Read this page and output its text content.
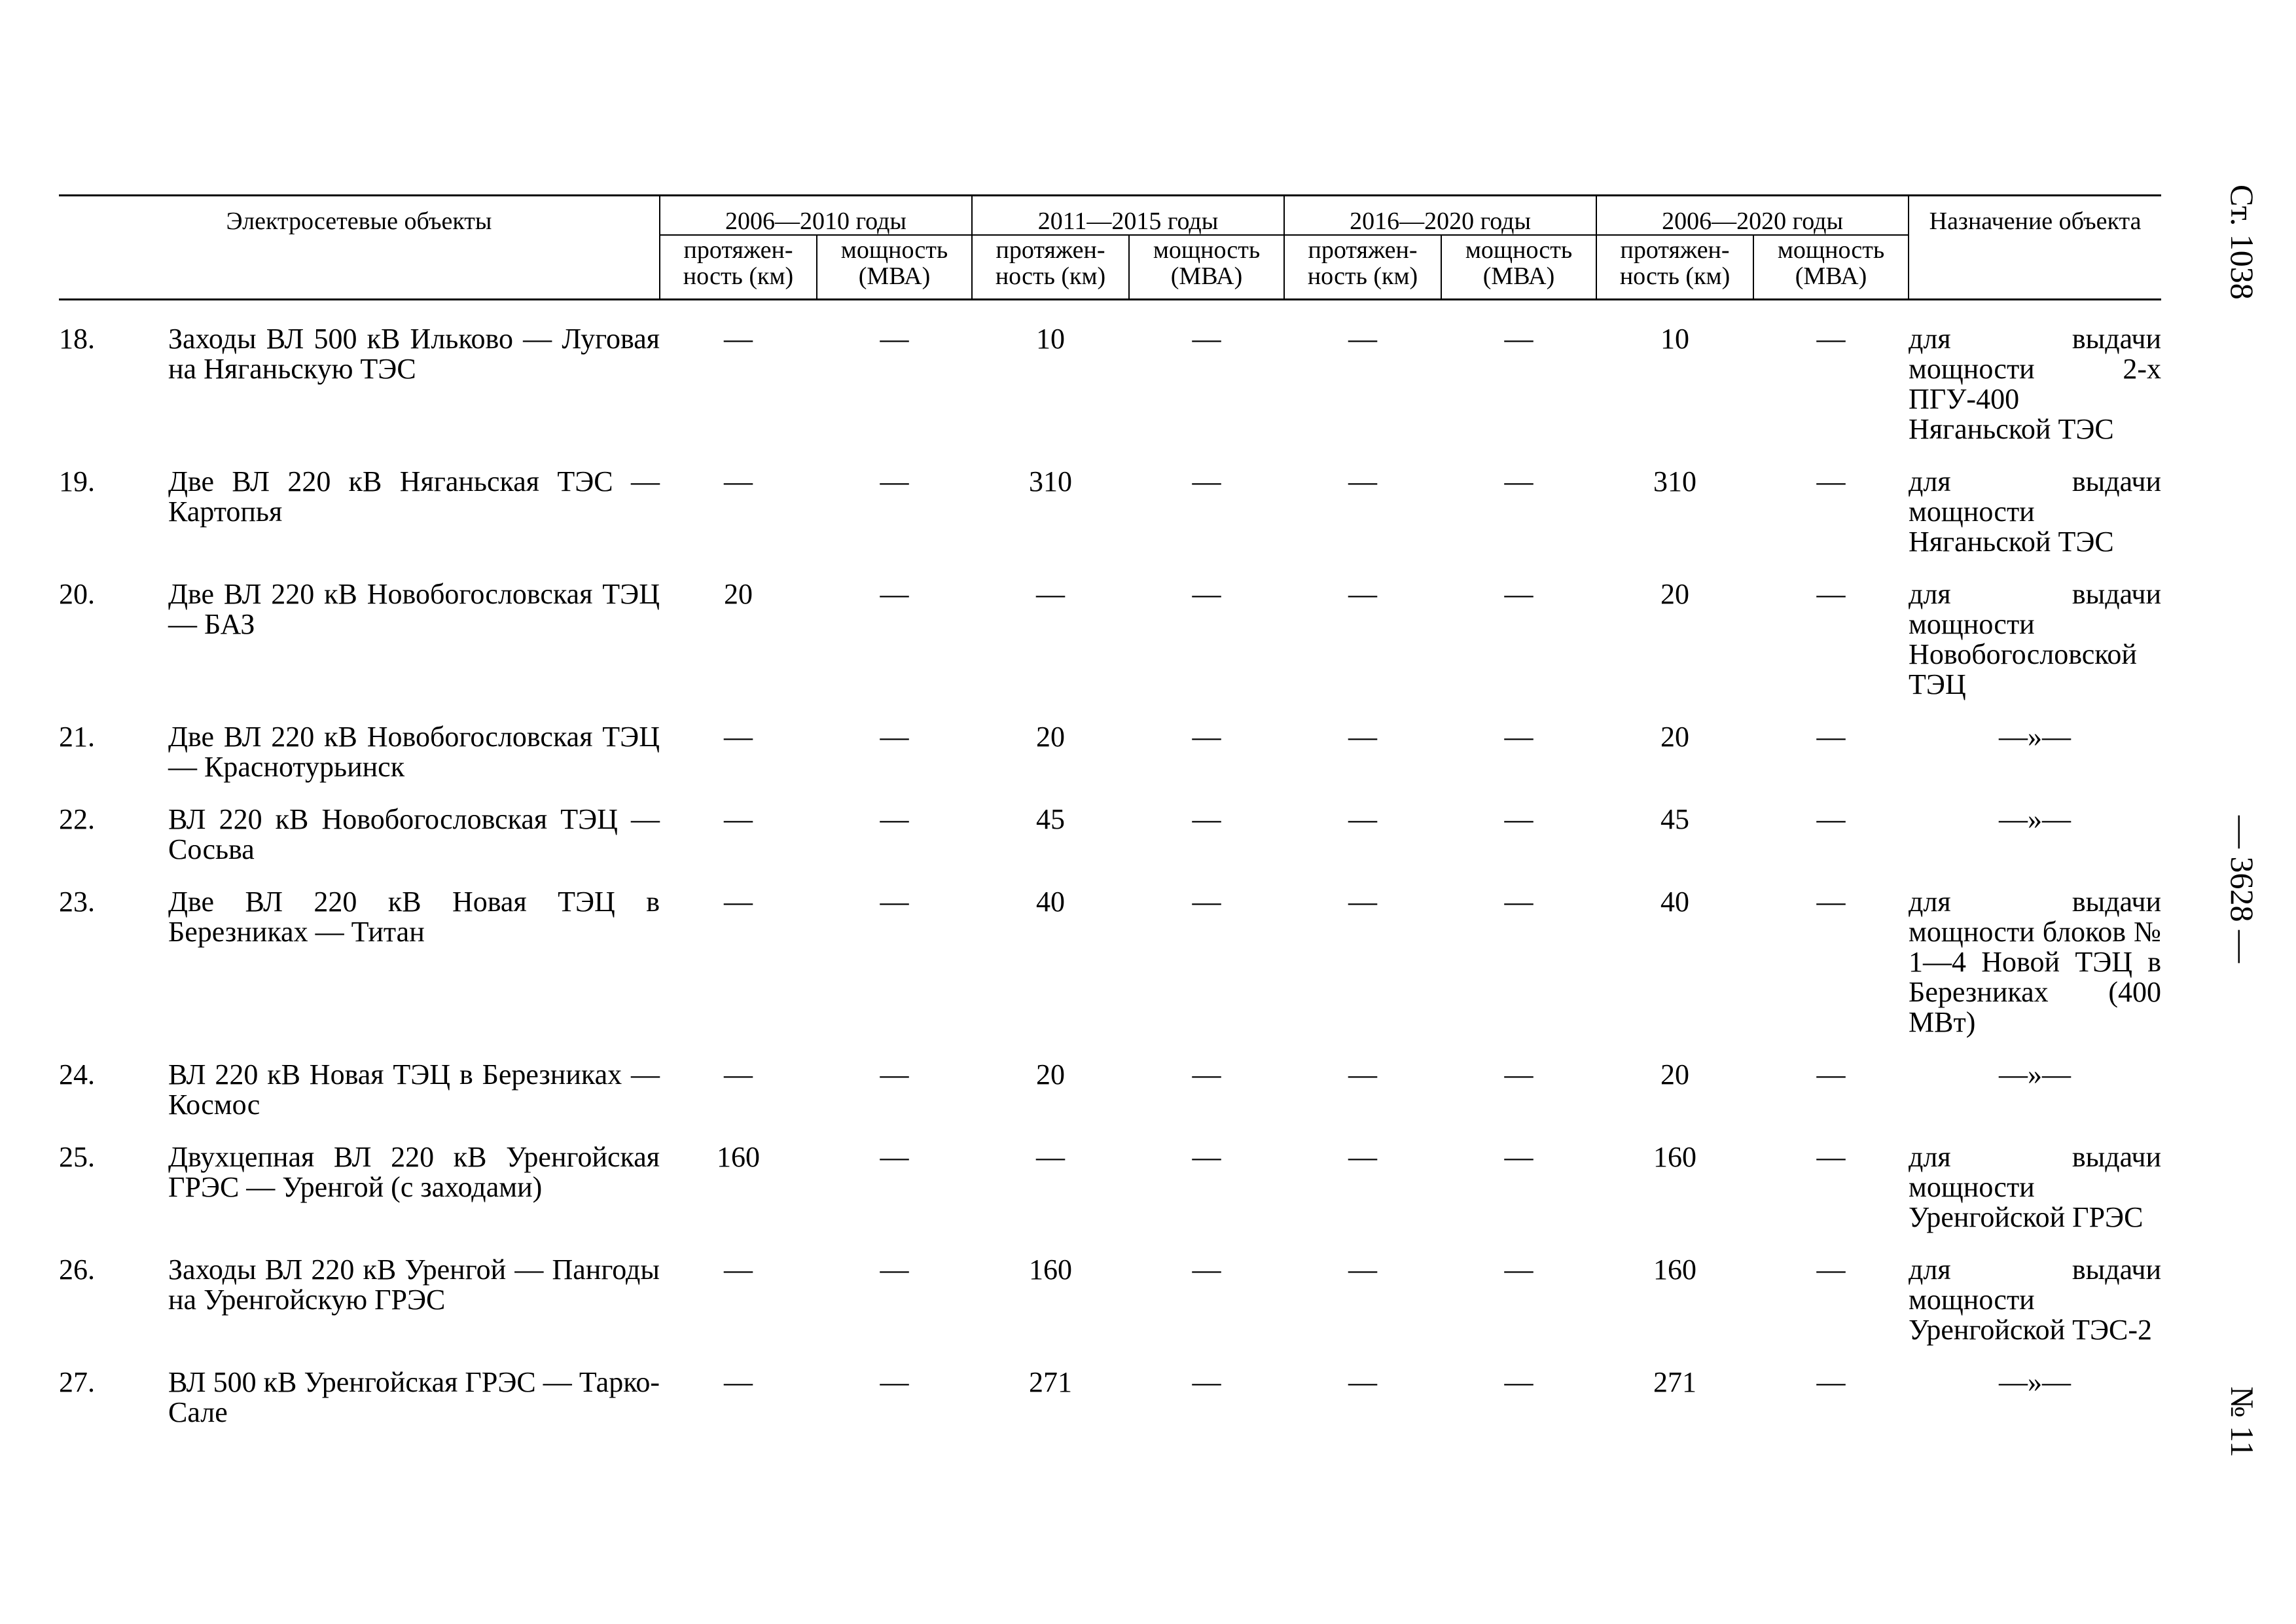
Электросетевые объекты		2006—2010 годы		2011—2015 годы		2016—2020 годы		2006—2020 годы		Назначение объекта
		протяжен-ность (км)	мощность (МВА)	протяжен-ность (км)	мощность (МВА)	протяжен-ность (км)	мощность (МВА)	протяжен-ность (км)	мощность (МВА)	
18.	Заходы ВЛ 500 кВ Ильково — Луговая на Няганьскую ТЭС	—	—	10	—	—	—	10	—	для выдачи мощности 2-х ПГУ-400 Няганьской ТЭС
19.	Две ВЛ 220 кВ Няганьская ТЭС — Картопья	—	—	310	—	—	—	310	—	для выдачи мощности Няганьской ТЭС
20.	Две ВЛ 220 кВ Новобогословская ТЭЦ — БАЗ	20	—	—	—	—	—	20	—	для выдачи мощности Новобогословской ТЭЦ
21.	Две ВЛ 220 кВ Новобогословская ТЭЦ — Краснотурьинск	—	—	20	—	—	—	20	—	—»—
22.	ВЛ 220 кВ Новобогословская ТЭЦ — Сосьва	—	—	45	—	—	—	45	—	—»—
23.	Две ВЛ 220 кВ Новая ТЭЦ в Березниках — Титан	—	—	40	—	—	—	40	—	для выдачи мощности блоков № 1—4 Новой ТЭЦ в Березниках (400 МВт)
24.	ВЛ 220 кВ Новая ТЭЦ в Березниках — Космос	—	—	20	—	—	—	20	—	—»—
25.	Двухцепная ВЛ 220 кВ Уренгойская ГРЭС — Уренгой (с заходами)	160	—	—	—	—	—	160	—	для выдачи мощности Уренгойской ГРЭС
26.	Заходы ВЛ 220 кВ Уренгой — Пангоды на Уренгойскую ГРЭС	—	—	160	—	—	—	160	—	для выдачи мощности Уренгойской ТЭС-2
27.	ВЛ 500 кВ Уренгойская ГРЭС — Тарко-Сале	—	—	271	—	—	—	271	—	—»—
Ст. 1038
— 3628 —
№ 11
